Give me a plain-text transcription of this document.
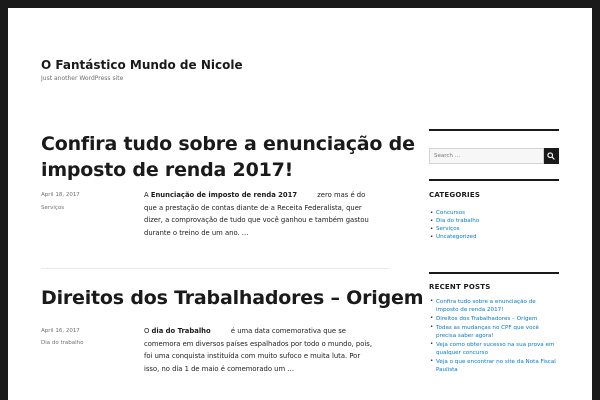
O Fantástico Mundo de Nicole
Just another WordPress site
Confira tudo sobre a enunciação de
imposto de renda 2017!
April 18, 2017
Serviços
A Enunciação de imposto de renda 2017	zero mas é do que a prestação de contas diante de a Receita Federalista, quer dizer, a comprovação de tudo que você ganhou e também gastou durante o treino de um ano. …
Direitos dos Trabalhadores – Origem
April 16, 2017
Dia do trabalho
O dia do Trabalho	é uma data comemorativa que se comemora em diversos países espalhados por todo o mundo, pois, foi uma conquista instituída com muito sufoco e muita luta. Por isso, no dia 1 de maio é comemorado um …
Search …
CATEGORIES
• Concursos
• Dia do trabalho
• Serviços
• Uncategorized
RECENT POSTS
• Confira tudo sobre a enunciação de imposto de renda 2017!
• Direitos dos Trabalhadores – Origem
• Todas as mudanças no CPF que você precisa saber agora!
• Veja como obter sucesso na sua prova em qualquer concurso
• Veja o que encontrar no site da Nota Fiscal Paulista
